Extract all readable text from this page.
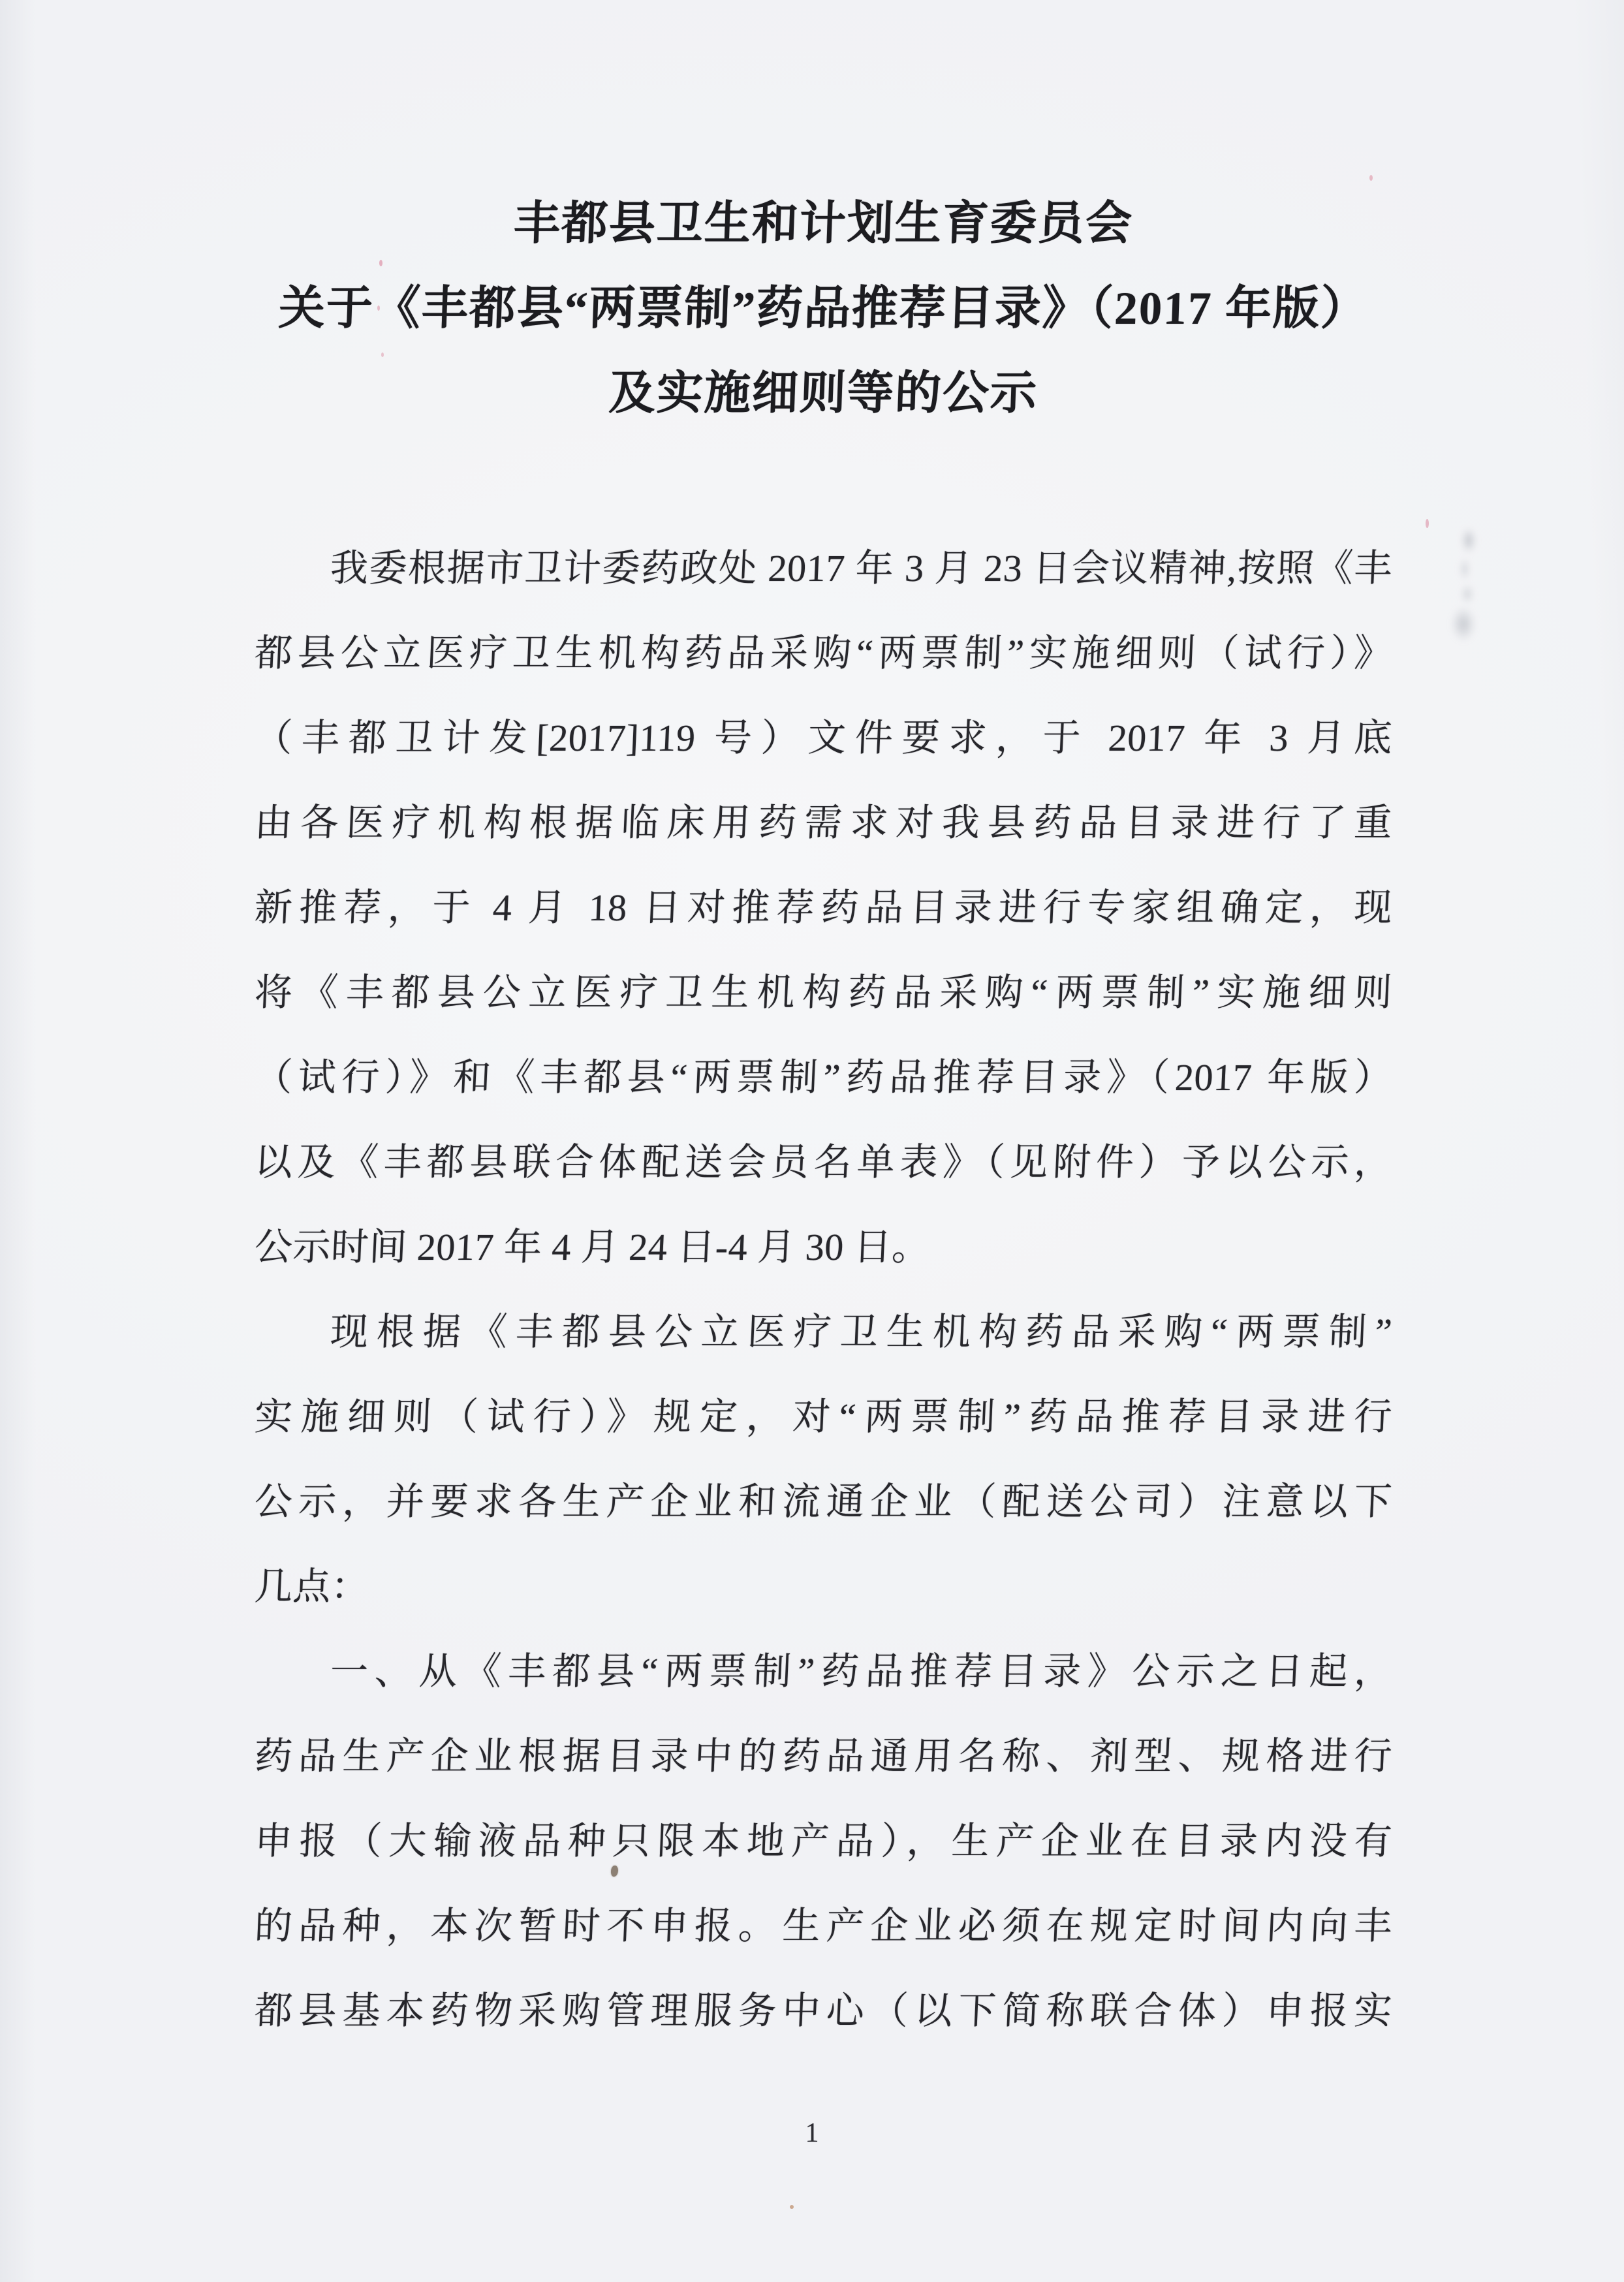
丰都县卫生和计划生育委员会
关于《丰都县“两票制”药品推荐目录》（2017 年版）
及实施细则等的公示
我委根据市卫计委药政处 2017 年 3 月 23 日会议精神,按照《丰
都县公立医疗卫生机构药品采购“两票制”实施细则（试行）》
（丰都卫计发[2017]119 号）文件要求，于 2017 年 3 月底
由各医疗机构根据临床用药需求对我县药品目录进行了重
新推荐，于 4 月 18 日对推荐药品目录进行专家组确定，现
将《丰都县公立医疗卫生机构药品采购“两票制”实施细则
（试行）》和《丰都县“两票制”药品推荐目录》（2017 年版）
以及《丰都县联合体配送会员名单表》（见附件）予以公示，
公示时间 2017 年 4 月 24 日-4 月 30 日。
现根据《丰都县公立医疗卫生机构药品采购“两票制”
实施细则（试行）》规定，对“两票制”药品推荐目录进行
公示，并要求各生产企业和流通企业（配送公司）注意以下
几点：
一、从《丰都县“两票制”药品推荐目录》公示之日起，
药品生产企业根据目录中的药品通用名称、剂型、规格进行
申报（大输液品种只限本地产品），生产企业在目录内没有
的品种，本次暂时不申报。生产企业必须在规定时间内向丰
都县基本药物采购管理服务中心（以下简称联合体）申报实
1
